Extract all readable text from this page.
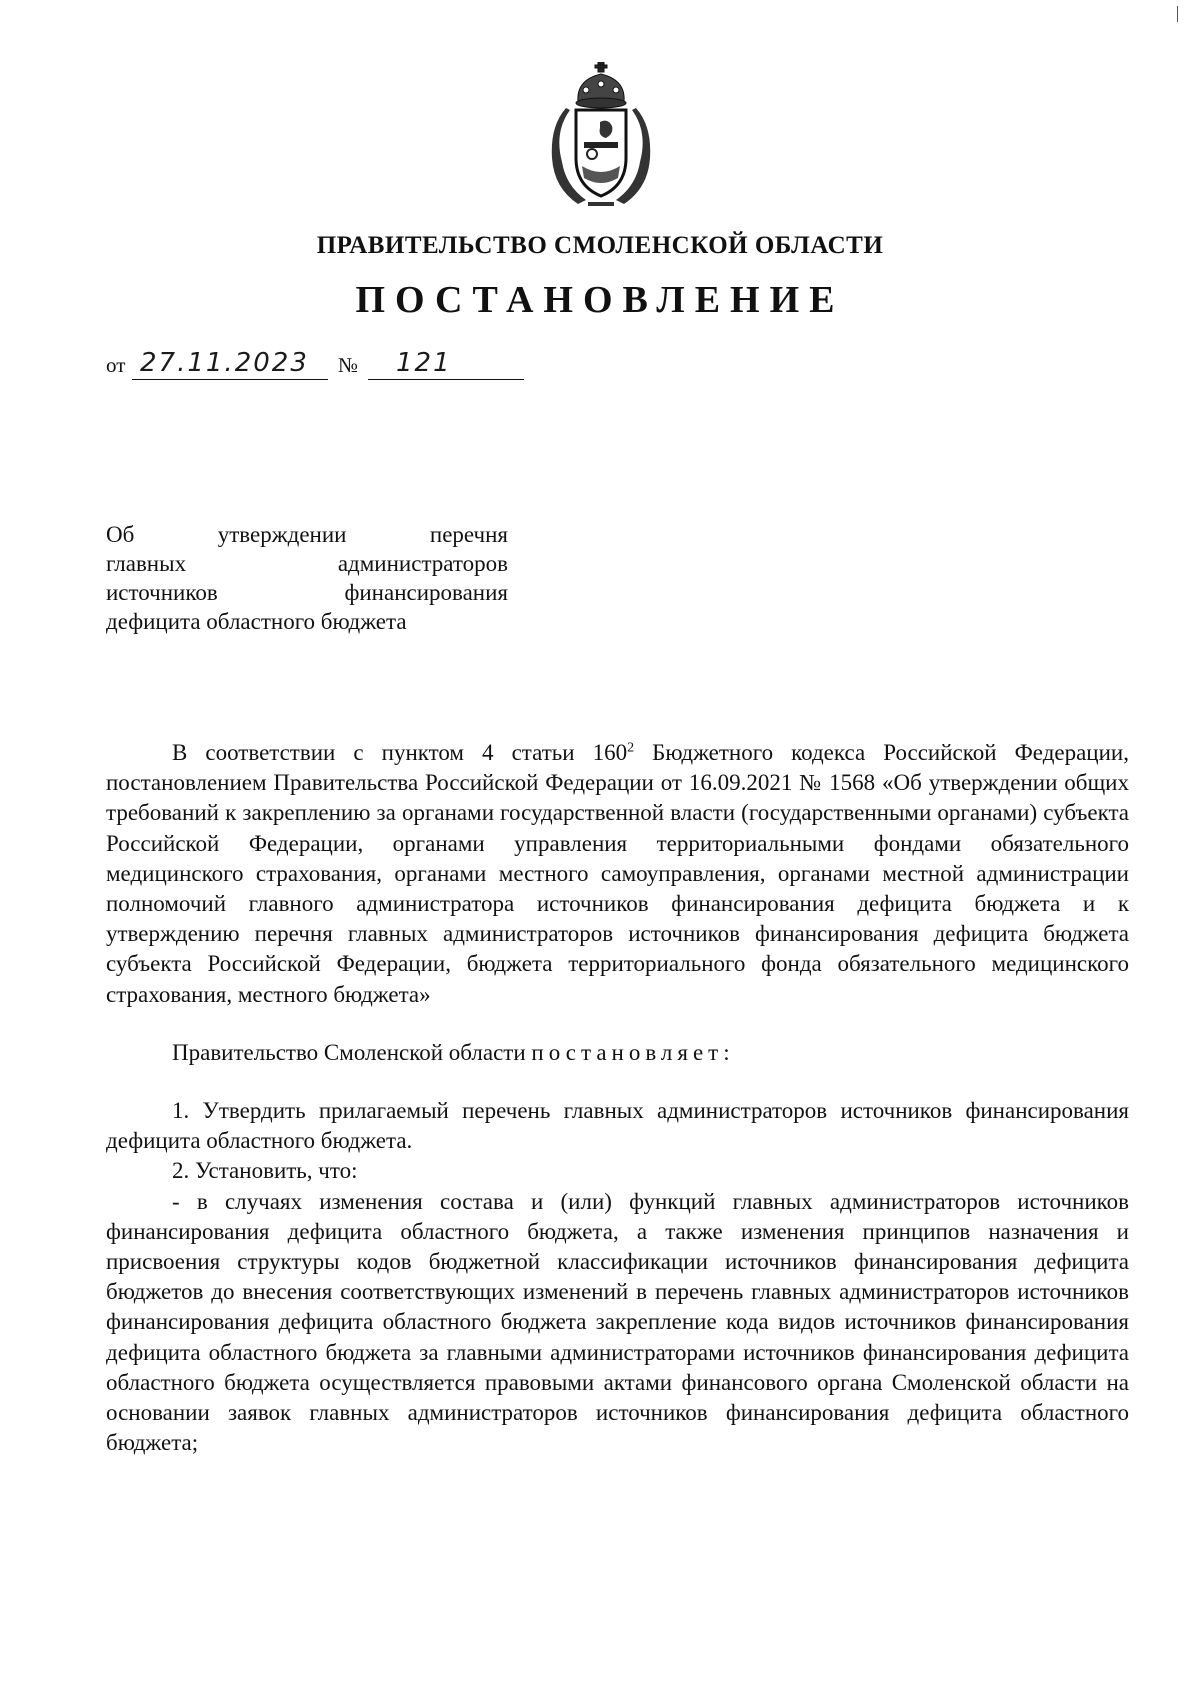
ПРАВИТЕЛЬСТВО СМОЛЕНСКОЙ ОБЛАСТИ
ПОСТАНОВЛЕНИЕ
от 27.11.2023 № 121
Об утверждении перечня
главных администраторов
источников финансирования
дефицита областного бюджета

В соответствии с пунктом 4 статьи $160^2$ Бюджетного кодекса Российской Федерации, постановлением Правительства Российской Федерации от 16.09.2021 № 1568 «Об утверждении общих требований к закреплению за органами государственной власти (государственными органами) субъекта Российской Федерации, органами управления территориальными фондами обязательного медицинского страхования, органами местного самоуправления, органами местной администрации полномочий главного администратора источников финансирования дефицита бюджета и к утверждению перечня главных администраторов источников финансирования дефицита бюджета субъекта Российской Федерации, бюджета территориального фонда обязательного медицинского страхования, местного бюджета»

Правительство Смоленской области постановляет:

1. Утвердить прилагаемый перечень главных администраторов источников финансирования дефицита областного бюджета.

2. Установить, что:

- в случаях изменения состава и (или) функций главных администраторов источников финансирования дефицита областного бюджета, а также изменения принципов назначения и присвоения структуры кодов бюджетной классификации источников финансирования дефицита бюджетов до внесения соответствующих изменений в перечень главных администраторов источников финансирования дефицита областного бюджета закрепление кода видов источников финансирования дефицита областного бюджета за главными администраторами источников финансирования дефицита областного бюджета осуществляется правовыми актами финансового органа Смоленской области на основании заявок главных администраторов источников финансирования дефицита областного бюджета;
